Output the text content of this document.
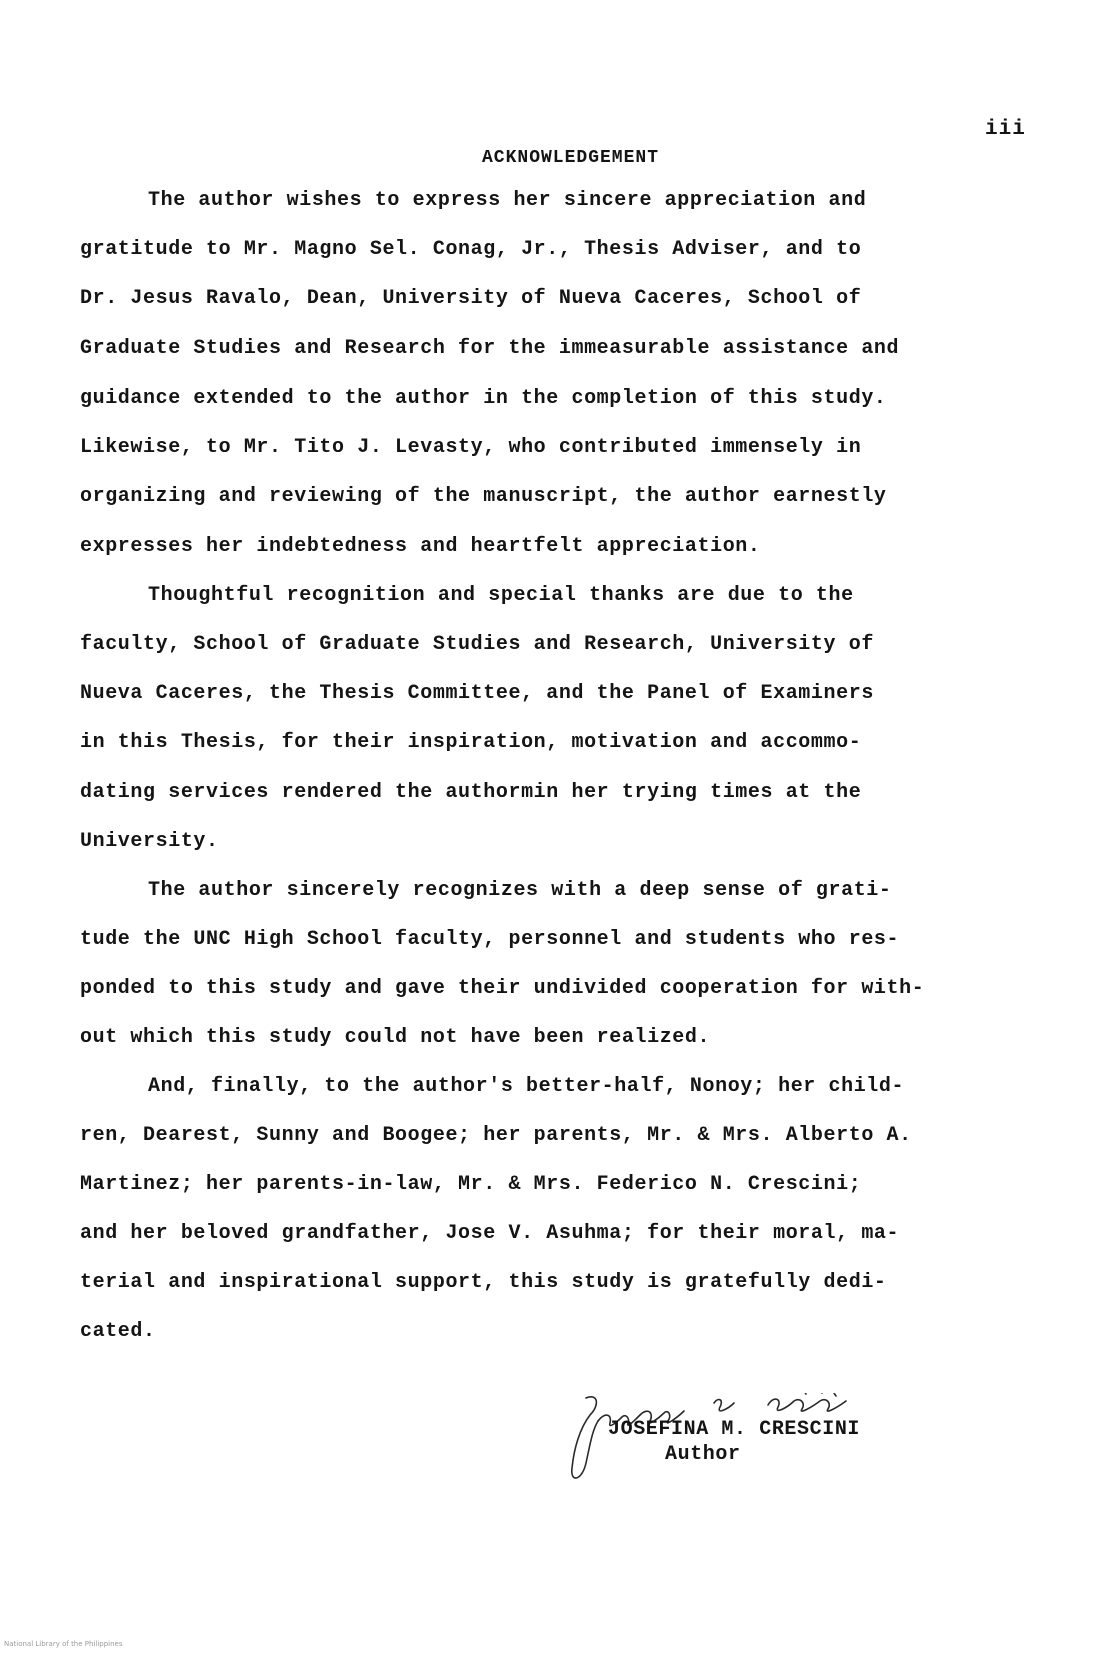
iii
ACKNOWLEDGEMENT
The author wishes to express her sincere appreciation and
gratitude to Mr. Magno Sel. Conag, Jr., Thesis Adviser, and to
Dr. Jesus Ravalo, Dean, University of Nueva Caceres, School of
Graduate Studies and Research for the immeasurable assistance and
guidance extended to the author in the completion of this study.
Likewise, to Mr. Tito J. Levasty, who contributed immensely in
organizing and reviewing of the manuscript, the author earnestly
expresses her indebtedness and heartfelt appreciation.
Thoughtful recognition and special thanks are due to the
faculty, School of Graduate Studies and Research, University of
Nueva Caceres, the Thesis Committee, and the Panel of Examiners
in this Thesis, for their inspiration, motivation and accommo-
dating services rendered the authormin her trying times at the
University.
The author sincerely recognizes with a deep sense of grati-
tude the UNC High School faculty, personnel and students who res-
ponded to this study and gave their undivided cooperation for with-
out which this study could not have been realized.
And, finally, to the author's better-half, Nonoy; her child-
ren, Dearest, Sunny and Boogee; her parents, Mr. & Mrs. Alberto A.
Martinez; her parents-in-law, Mr. & Mrs. Federico N. Crescini;
and her beloved grandfather, Jose V. Asuhma; for their moral, ma-
terial and inspirational support, this study is gratefully dedi-
cated.
JOSEFINA M. CRESCINI
Author
National Library of the Philippines
